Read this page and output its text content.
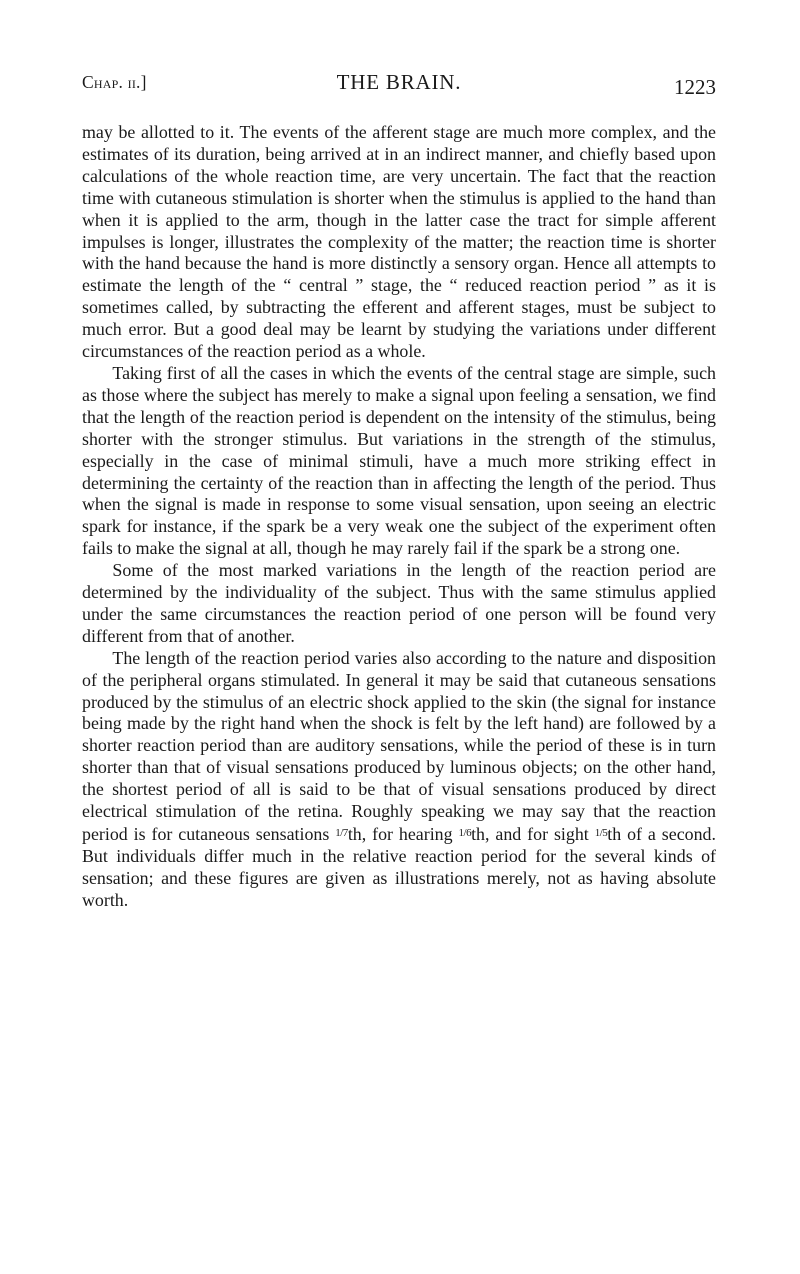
Chap. ii.]	THE BRAIN.	1223

may be allotted to it. The events of the afferent stage are much more complex, and the estimates of its duration, being arrived at in an indirect manner, and chiefly based upon calculations of the whole reaction time, are very uncertain. The fact that the reaction time with cutaneous stimulation is shorter when the stimulus is applied to the hand than when it is applied to the arm, though in the latter case the tract for simple afferent impulses is longer, illustrates the complexity of the matter; the reaction time is shorter with the hand because the hand is more distinctly a sensory organ. Hence all attempts to estimate the length of the “ central ” stage, the “ reduced reaction period ” as it is sometimes called, by subtracting the efferent and afferent stages, must be subject to much error. But a good deal may be learnt by studying the variations under different circumstances of the reaction period as a whole.

Taking first of all the cases in which the events of the central stage are simple, such as those where the subject has merely to make a signal upon feeling a sensation, we find that the length of the reaction period is dependent on the intensity of the stimulus, being shorter with the stronger stimulus. But variations in the strength of the stimulus, especially in the case of minimal stimuli, have a much more striking effect in determining the certainty of the reaction than in affecting the length of the period. Thus when the signal is made in response to some visual sensation, upon seeing an electric spark for instance, if the spark be a very weak one the subject of the experiment often fails to make the signal at all, though he may rarely fail if the spark be a strong one.

Some of the most marked variations in the length of the reaction period are determined by the individuality of the subject. Thus with the same stimulus applied under the same circumstances the reaction period of one person will be found very different from that of another.

The length of the reaction period varies also according to the nature and disposition of the peripheral organs stimulated. In general it may be said that cutaneous sensations produced by the stimulus of an electric shock applied to the skin (the signal for instance being made by the right hand when the shock is felt by the left hand) are followed by a shorter reaction period than are auditory sensations, while the period of these is in turn shorter than that of visual sensations produced by luminous objects; on the other hand, the shortest period of all is said to be that of visual sensations produced by direct electrical stimulation of the retina. Roughly speaking we may say that the reaction period is for cutaneous sensations $^{1/7}$th, for hearing $^{1/6}$th, and for sight $^{1/5}$th of a second. But individuals differ much in the relative reaction period for the several kinds of sensation; and these figures are given as illustrations merely, not as having absolute worth.
